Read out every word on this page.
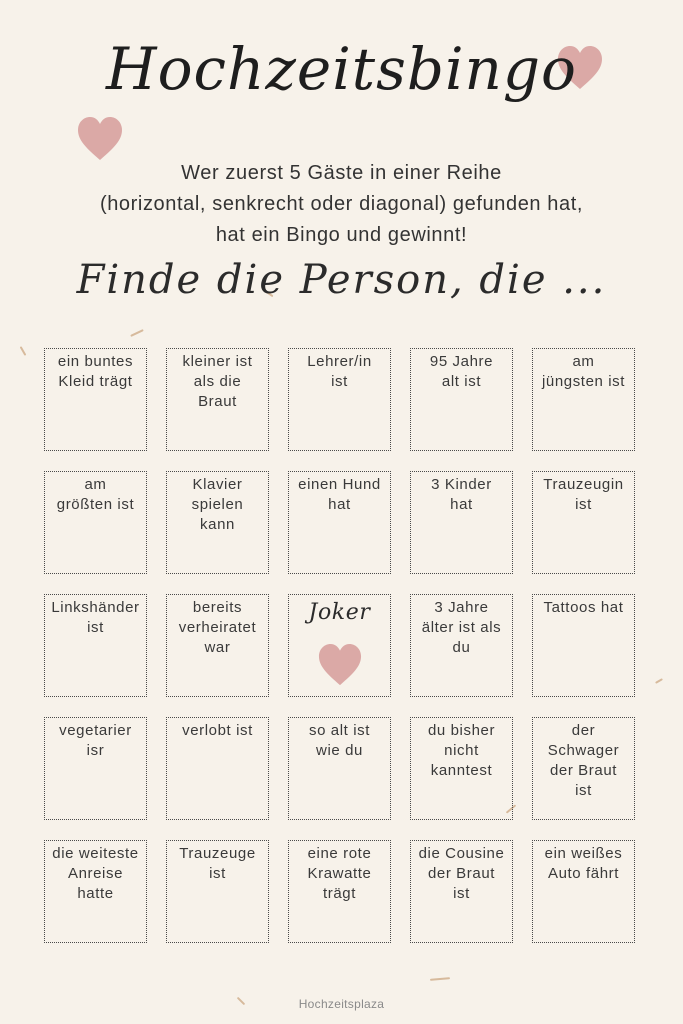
Hochzeitsbingo
Wer zuerst 5 Gäste in einer Reihe
(horizontal, senkrecht oder diagonal) gefunden hat,
hat ein Bingo und gewinnt!
Finde die Person, die ...
ein buntes
Kleid trägt
kleiner ist
als die
Braut
Lehrer/in
ist
95 Jahre
alt ist
am
jüngsten ist
am
größten ist
Klavier
spielen
kann
einen Hund
hat
3 Kinder
hat
Trauzeugin
ist
Linkshänder
ist
bereits
verheiratet
war
Joker	3 Jahre
älter ist als
du
Tattoos hat
vegetarier
isr
verlobt ist	so alt ist
wie du
du bisher
nicht
kanntest
der
Schwager
der Braut
ist
die weiteste
Anreise
hatte
Trauzeuge
ist
eine rote
Krawatte
trägt
die Cousine
der Braut
ist
ein weißes
Auto fährt
Hochzeitsplaza
